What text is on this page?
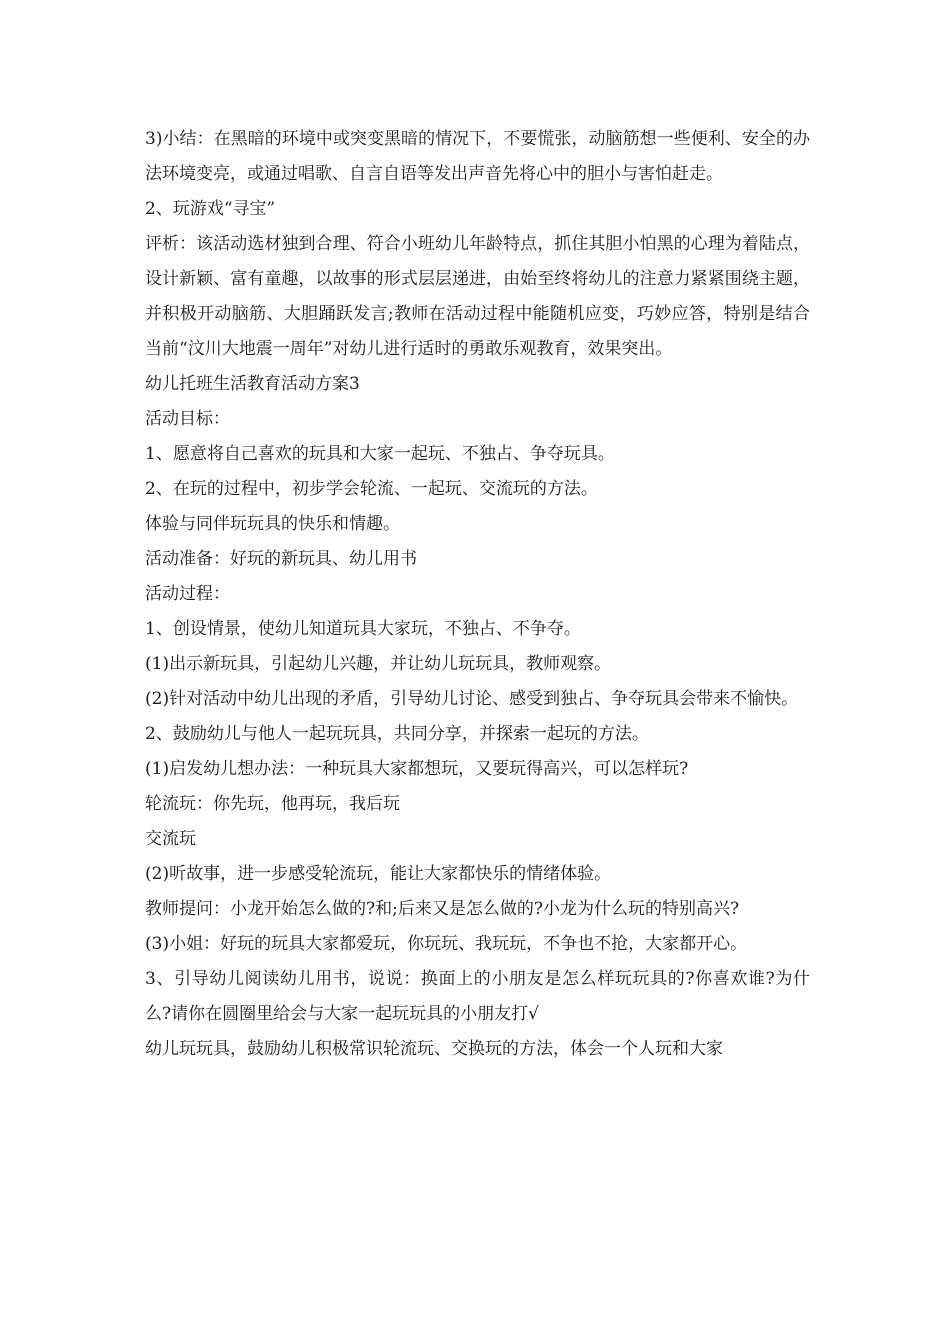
3)小结：在黑暗的环境中或突变黑暗的情况下，不要慌张，动脑筋想一些便利、安全的办法环境变亮，或通过唱歌、自言自语等发出声音先将心中的胆小与害怕赶走。

2、玩游戏“寻宝”

评析：该活动选材独到合理、符合小班幼儿年龄特点，抓住其胆小怕黑的心理为着陆点，设计新颖、富有童趣，以故事的形式层层递进，由始至终将幼儿的注意力紧紧围绕主题，并积极开动脑筋、大胆踊跃发言;教师在活动过程中能随机应变，巧妙应答，特别是结合当前“汶川大地震一周年”对幼儿进行适时的勇敢乐观教育，效果突出。

幼儿托班生活教育活动方案3

活动目标：

1、愿意将自己喜欢的玩具和大家一起玩、不独占、争夺玩具。

2、在玩的过程中，初步学会轮流、一起玩、交流玩的方法。

体验与同伴玩玩具的快乐和情趣。

活动准备：好玩的新玩具、幼儿用书

活动过程：

1、创设情景，使幼儿知道玩具大家玩，不独占、不争夺。

(1)出示新玩具，引起幼儿兴趣，并让幼儿玩玩具，教师观察。

(2)针对活动中幼儿出现的矛盾，引导幼儿讨论、感受到独占、争夺玩具会带来不愉快。

2、鼓励幼儿与他人一起玩玩具，共同分享，并探索一起玩的方法。

(1)启发幼儿想办法：一种玩具大家都想玩，又要玩得高兴，可以怎样玩?

轮流玩：你先玩，他再玩，我后玩

交流玩

(2)听故事，进一步感受轮流玩，能让大家都快乐的情绪体验。

教师提问：小龙开始怎么做的?和;后来又是怎么做的?小龙为什么玩的特别高兴?

(3)小姐：好玩的玩具大家都爱玩，你玩玩、我玩玩，不争也不抢，大家都开心。

3、引导幼儿阅读幼儿用书，说说：换面上的小朋友是怎么样玩玩具的?你喜欢谁?为什么?请你在圆圈里给会与大家一起玩玩具的小朋友打√

幼儿玩玩具，鼓励幼儿积极常识轮流玩、交换玩的方法，体会一个人玩和大家
